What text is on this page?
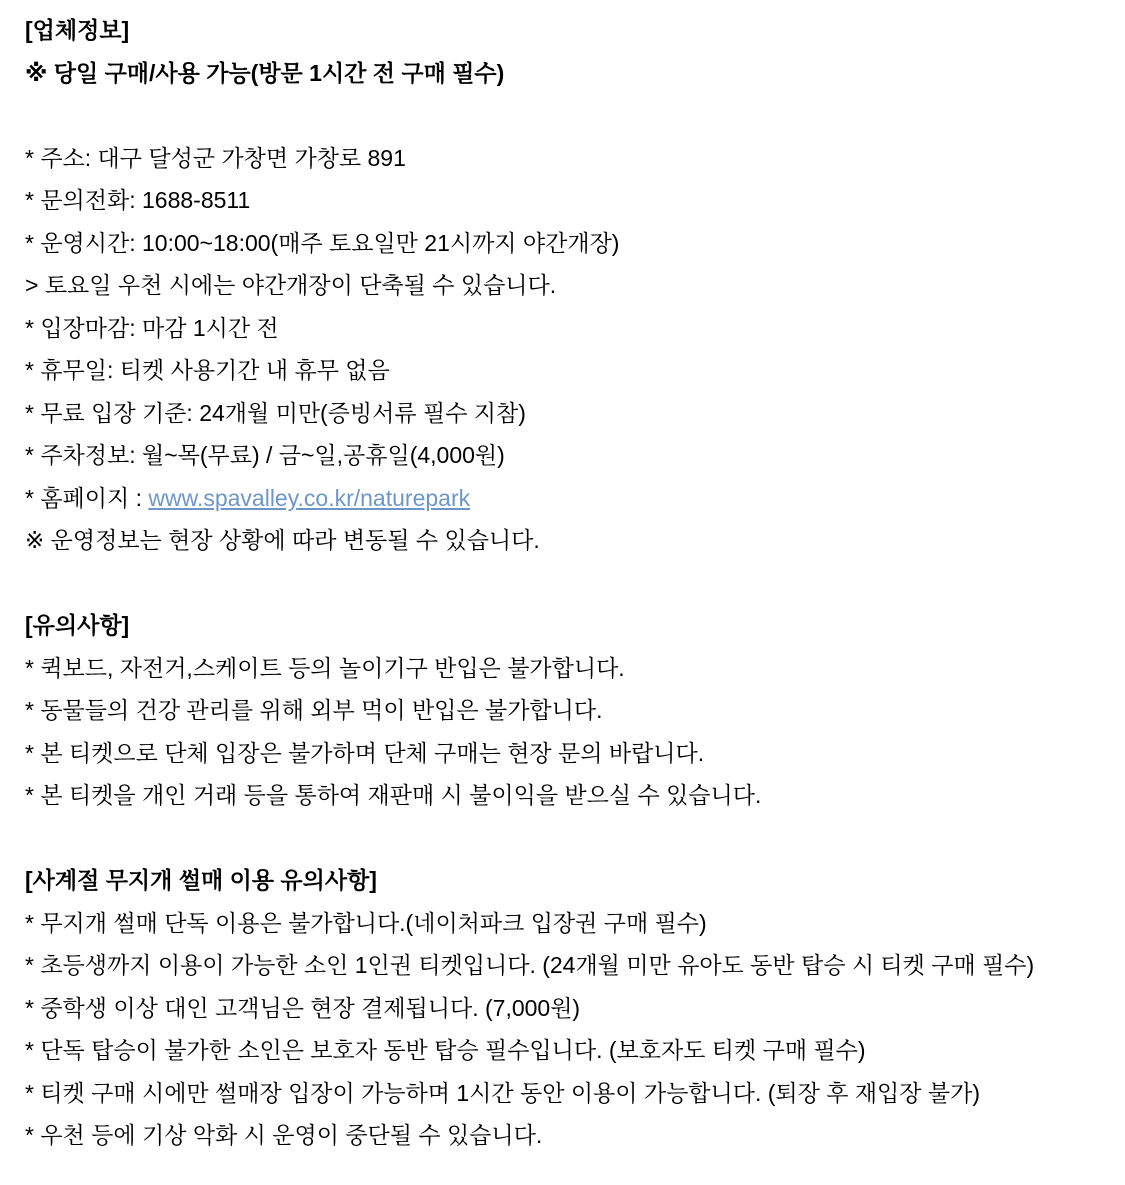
[업체정보]
※ 당일 구매/사용 가능(방문 1시간 전 구매 필수)
* 주소: 대구 달성군 가창면 가창로 891
* 문의전화: 1688-8511
* 운영시간: 10:00~18:00(매주 토요일만 21시까지 야간개장)
> 토요일 우천 시에는 야간개장이 단축될 수 있습니다.
* 입장마감: 마감 1시간 전
* 휴무일: 티켓 사용기간 내 휴무 없음
* 무료 입장 기준: 24개월 미만(증빙서류 필수 지참)
* 주차정보: 월~목(무료) / 금~일,공휴일(4,000원)
* 홈페이지 : www.spavalley.co.kr/naturepark
※ 운영정보는 현장 상황에 따라 변동될 수 있습니다.
[유의사항]
* 퀵보드, 자전거,스케이트 등의 놀이기구 반입은 불가합니다.
* 동물들의 건강 관리를 위해 외부 먹이 반입은 불가합니다.
* 본 티켓으로 단체 입장은 불가하며 단체 구매는 현장 문의 바랍니다.
* 본 티켓을 개인 거래 등을 통하여 재판매 시 불이익을 받으실 수 있습니다.
[사계절 무지개 썰매 이용 유의사항]
* 무지개 썰매 단독 이용은 불가합니다.(네이처파크 입장권 구매 필수)
* 초등생까지 이용이 가능한 소인 1인권 티켓입니다. (24개월 미만 유아도 동반 탑승 시 티켓 구매 필수)
* 중학생 이상 대인 고객님은 현장 결제됩니다. (7,000원)
* 단독 탑승이 불가한 소인은 보호자 동반 탑승 필수입니다. (보호자도 티켓 구매 필수)
* 티켓 구매 시에만 썰매장 입장이 가능하며 1시간 동안 이용이 가능합니다. (퇴장 후 재입장 불가)
* 우천 등에 기상 악화 시 운영이 중단될 수 있습니다.
